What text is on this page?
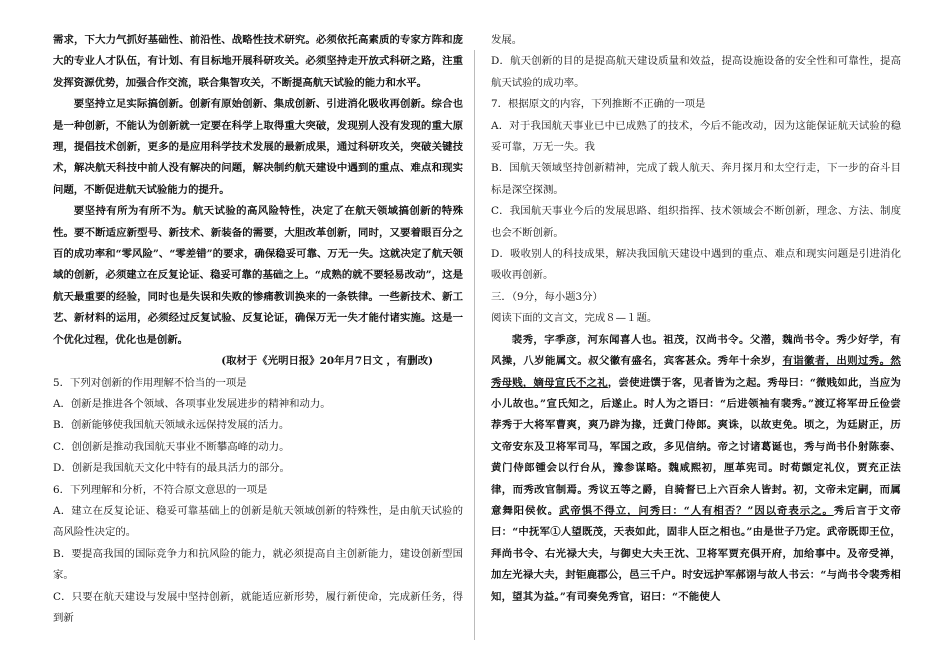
需求，下大力气抓好基础性、前沿性、战略性技术研究。必须依托高素质的专家方阵和庞大的专业人才队伍，有计划、有目标地开展科研攻关。必须坚持走开放式科研之路，注重发挥资源优势，加强合作交流，联合集智攻关，不断提高航天试验的能力和水平。

要坚持立足实际搞创新。创新有原始创新、集成创新、引进消化吸收再创新。综合也是一种创新，不能认为创新就一定要在科学上取得重大突破，发现别人没有发现的重大原理，提倡技术创新，更多的是应用科学技术发展的最新成果，通过科研攻关，突破关键技术，解决航天科技中前人没有解决的问题，解决制约航天建设中遇到的重点、难点和现实问题，不断促进航天试验能力的提升。

要坚持有所为有所不为。航天试验的高风险特性，决定了在航天领域搞创新的特殊性。要不断适应新型号、新技术、新装备的需要，大胆改革创新，同时，又要着眼百分之百的成功率和“零风险”、“零差错”的要求，确保稳妥可靠、万无一失。这就决定了航天领域的创新，必须建立在反复论证、稳妥可靠的基础之上。“成熟的就不要轻易改动”，这是航天最重要的经验，同时也是失误和失败的惨痛教训换来的一条铁律。一些新技术、新工艺、新材料的运用，必须经过反复试验、反复论证，确保万无一失才能付诸实施。这是一个优化过程，优化也是创新。

(取材于《光明日报》20年月7日文 ，有删改)

5．下列对创新的作用理解不恰当的一项是

A．创新是推进各个领域、各项事业发展进步的精神和动力。

B．创新能够使我国航天领域永远保持发展的活力。

C．创创新是推动我国航天事业不断攀高峰的动力。

D．创新是我国航天文化中特有的最具活力的部分。

6．下列理解和分析，不符合原文意思的一项是

A．建立在反复论证、稳妥可靠基础上的创新是航天领域创新的特殊性，是由航天试验的高风险性决定的。

B．要提高我国的国际竞争力和抗风险的能力，就必须提高自主创新能力，建设创新型国家。

C．只要在航天建设与发展中坚持创新，就能适应新形势，履行新使命，完成新任务，得到新

发展。

D．航天创新的目的是提高航天建设质量和效益，提高设施设备的安全性和可靠性，提高航天试验的成功率。

7．根据原文的内容，下列推断不正确的一项是

A．对于我国航天事业已中已成熟了的技术，今后不能改动，因为这能保证航天试验的稳妥可靠，万无一失。我

B．国航天领域坚持创新精神，完成了载人航天、奔月探月和太空行走，下一步的奋斗目标是深空探测。

C．我国航天事业今后的发展思路、组织指挥、技术领域会不断创新，理念、方法、制度也会不断创新。

D．吸收别人的科技成果，解决我国航天建设中遇到的重点、难点和现实问题是引进消化吸收再创新。

三．（9分，每小题3分）

阅读下面的文言文，完成８—１题。

裴秀，字季彦，河东闻喜人也。祖茂，汉尚书令。父潜，魏尚书令。秀少好学，有风操，八岁能属文。叔父徽有盛名，宾客甚众。秀年十余岁，有诣徽者，出则过秀。然秀母贱，嫡母宣氏不之礼，尝使进馔于客，见者皆为之起。秀母曰：“微贱如此，当应为小儿故也。”宣氏知之，后遂止。时人为之语曰：“后进领袖有裴秀。”渡辽将军毌丘俭尝荐秀于大将军曹爽，爽乃辟为掾，迁黄门侍郎。爽诛，以故吏免。顷之，为廷尉正，历文帝安东及卫将军司马，军国之政，多见信纳。帝之讨诸葛诞也，秀与尚书仆射陈泰、黄门侍郎锺会以行台从，豫参谋略。魏咸熙初，厘革宪司。时荀顗定礼仪，贾充正法律，而秀改官制焉。秀议五等之爵，自骑督已上六百余人皆封。初，文帝未定嗣，而属意舞阳侯攸。武帝惧不得立，问秀曰：“人有相否？”因以奇表示之。秀后言于文帝曰：“中抚军①人望既茂，天表如此，固非人臣之相也。”由是世子乃定。武帝既即王位，拜尚书令、右光禄大夫，与御史大夫王沈、卫将军贾充俱开府，加给事中。及帝受禅，加左光禄大夫，封钜鹿郡公，邑三千户。时安远护军郝诩与故人书云：“与尚书令裴秀相知，望其为益。”有司奏免秀官，诏曰：“不能使人
